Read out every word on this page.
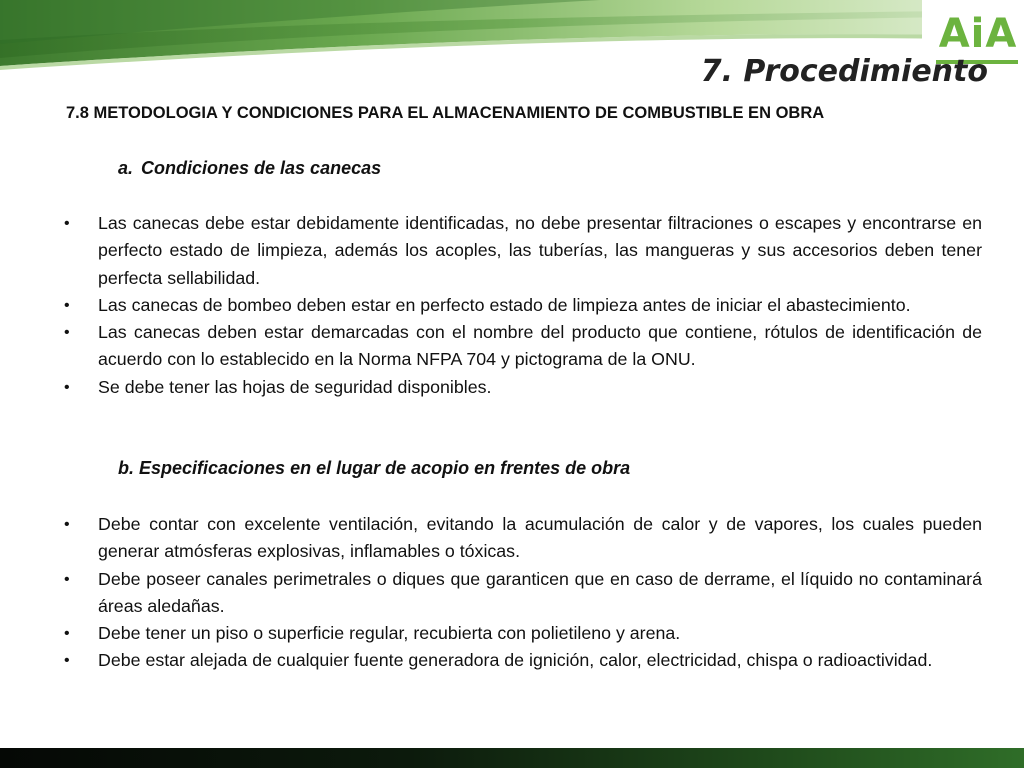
AiA
7. Procedimiento
7.8 METODOLOGIA Y CONDICIONES PARA EL ALMACENAMIENTO DE COMBUSTIBLE EN OBRA
a. Condiciones de las canecas
• Las canecas debe estar debidamente identificadas, no debe presentar filtraciones o escapes y encontrarse en perfecto estado de limpieza, además los acoples, las tuberías, las mangueras y sus accesorios deben tener perfecta sellabilidad.
• Las canecas de bombeo deben estar en perfecto estado de limpieza antes de iniciar el abastecimiento.
• Las canecas deben estar demarcadas con el nombre del producto que contiene, rótulos de identificación de acuerdo con lo establecido en la Norma NFPA 704 y pictograma de la ONU.
• Se debe tener las hojas de seguridad disponibles.
b. Especificaciones en el lugar de acopio en frentes de obra
• Debe contar con excelente ventilación, evitando la acumulación de calor y de vapores, los cuales pueden generar atmósferas explosivas, inflamables o tóxicas.
• Debe poseer canales perimetrales o diques que garanticen que en caso de derrame, el líquido no contaminará áreas aledañas.
• Debe tener un piso o superficie regular, recubierta con polietileno y arena.
• Debe estar alejada de cualquier fuente generadora de ignición, calor, electricidad, chispa o radioactividad.
